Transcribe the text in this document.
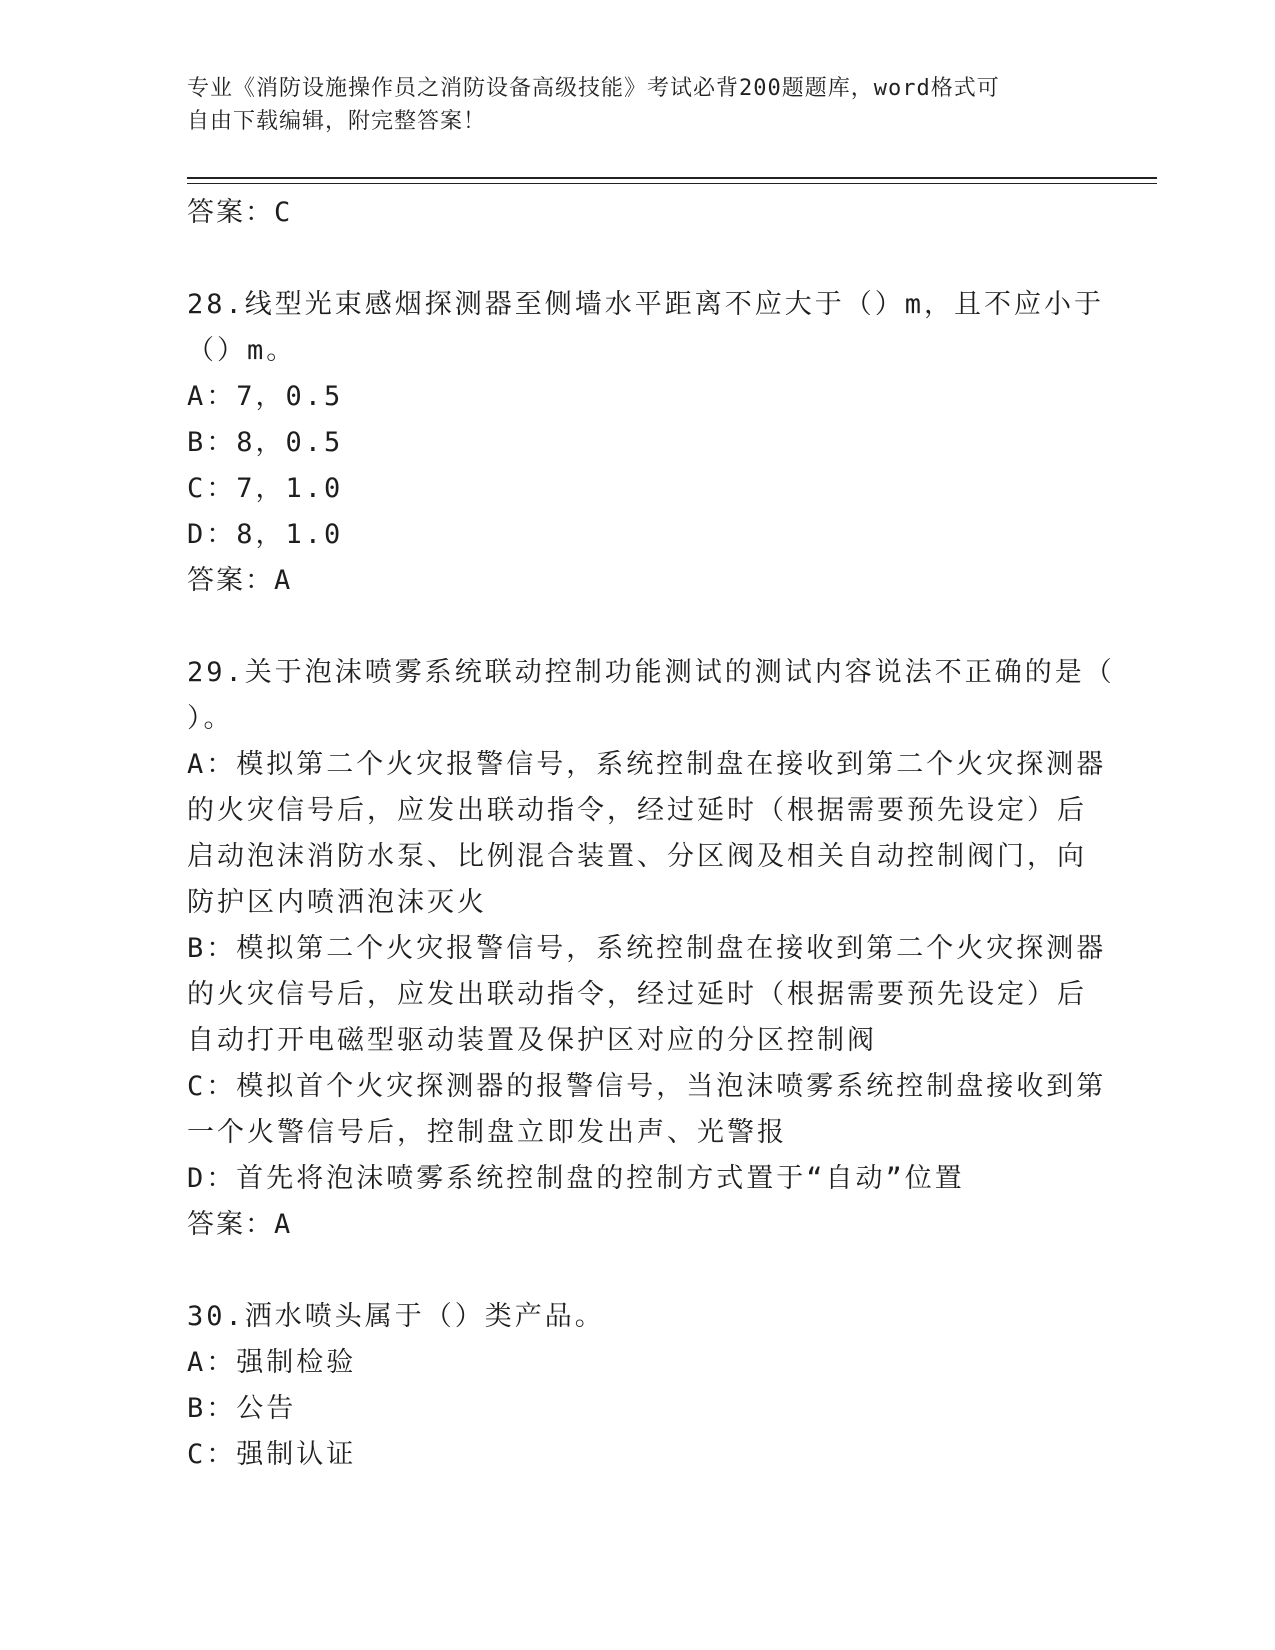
专业《消防设施操作员之消防设备高级技能》考试必背200题题库，word格式可
自由下载编辑，附完整答案！
答案：C
28.线型光束感烟探测器至侧墙水平距离不应大于（）m，且不应小于
（）m。
A：7，0.5
B：8，0.5
C：7，1.0
D：8，1.0
答案：A
29.关于泡沫喷雾系统联动控制功能测试的测试内容说法不正确的是（
）。
A：模拟第二个火灾报警信号，系统控制盘在接收到第二个火灾探测器
的火灾信号后，应发出联动指令，经过延时（根据需要预先设定）后
启动泡沫消防水泵、比例混合装置、分区阀及相关自动控制阀门，向
防护区内喷洒泡沫灭火
B：模拟第二个火灾报警信号，系统控制盘在接收到第二个火灾探测器
的火灾信号后，应发出联动指令，经过延时（根据需要预先设定）后
自动打开电磁型驱动装置及保护区对应的分区控制阀
C：模拟首个火灾探测器的报警信号，当泡沫喷雾系统控制盘接收到第
一个火警信号后，控制盘立即发出声、光警报
D：首先将泡沫喷雾系统控制盘的控制方式置于“自动”位置
答案：A
30.洒水喷头属于（）类产品。
A：强制检验
B：公告
C：强制认证
